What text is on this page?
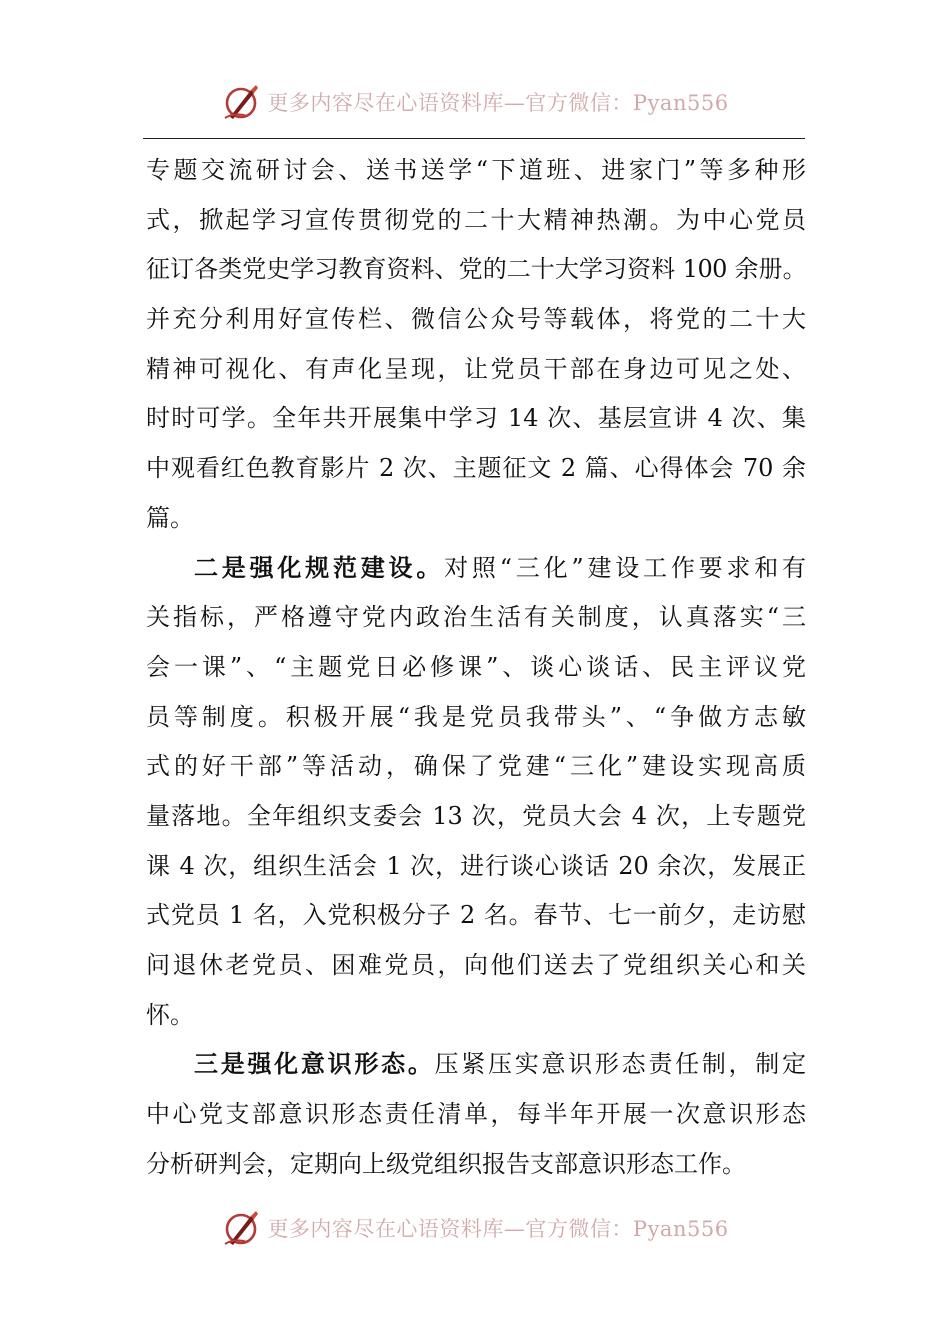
更多内容尽在心语资料库—官方微信：Pyan556
专题交流研讨会、送书送学“下道班、进家门”等多种形
式，掀起学习宣传贯彻党的二十大精神热潮。为中心党员
征订各类党史学习教育资料、党的二十大学习资料 100 余册。
并充分利用好宣传栏、微信公众号等载体，将党的二十大
精神可视化、有声化呈现，让党员干部在身边可见之处、
时时可学。全年共开展集中学习 14 次、基层宣讲 4 次、集
中观看红色教育影片 2 次、主题征文 2 篇、心得体会 70 余
篇。
二是强化规范建设。对照“三化”建设工作要求和有
关指标，严格遵守党内政治生活有关制度，认真落实“三
会一课”、“主题党日必修课”、谈心谈话、民主评议党
员等制度。积极开展“我是党员我带头”、“争做方志敏
式的好干部”等活动，确保了党建“三化”建设实现高质
量落地。全年组织支委会 13 次，党员大会 4 次，上专题党
课 4 次，组织生活会 1 次，进行谈心谈话 20 余次，发展正
式党员 1 名，入党积极分子 2 名。春节、七一前夕，走访慰
问退休老党员、困难党员，向他们送去了党组织关心和关
怀。
三是强化意识形态。压紧压实意识形态责任制，制定
中心党支部意识形态责任清单，每半年开展一次意识形态
分析研判会，定期向上级党组织报告支部意识形态工作。
更多内容尽在心语资料库—官方微信：Pyan556
